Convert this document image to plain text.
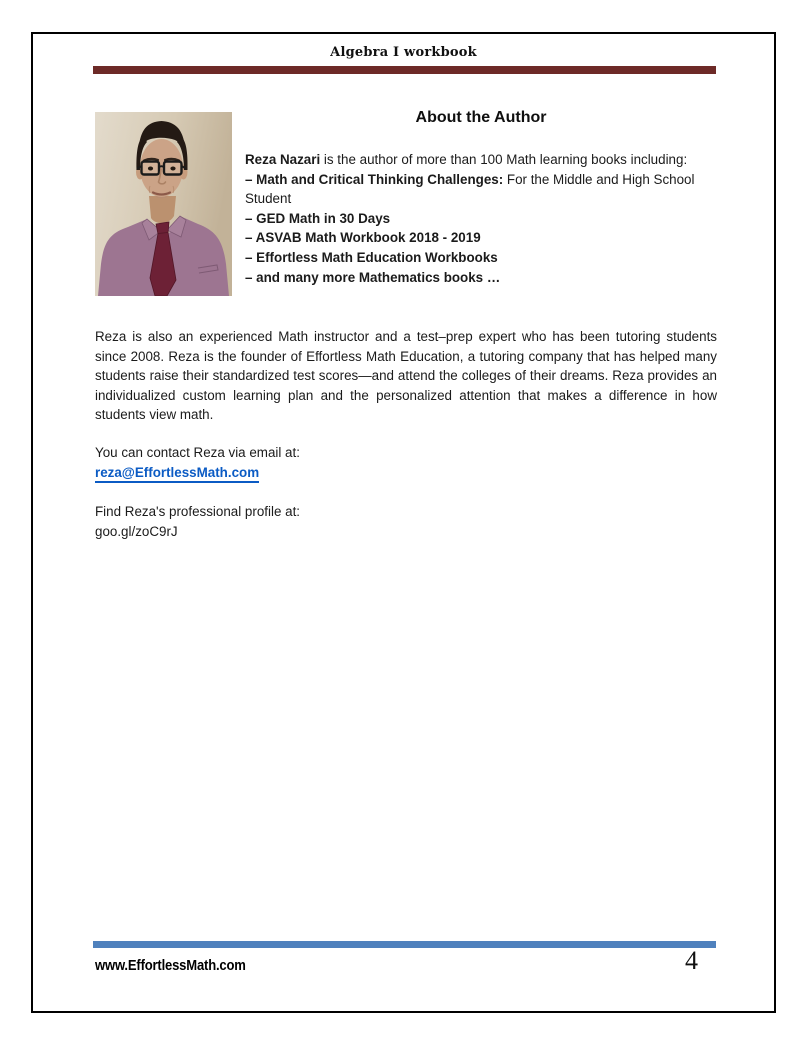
Algebra I workbook
About the Author

Reza Nazari is the author of more than 100 Math learning books including:

– Math and Critical Thinking Challenges: For the Middle and High School Student

– GED Math in 30 Days

– ASVAB Math Workbook 2018 - 2019

– Effortless Math Education Workbooks

– and many more Mathematics books …

Reza is also an experienced Math instructor and a test–prep expert who has been tutoring students since 2008. Reza is the founder of Effortless Math Education, a tutoring company that has helped many students raise their standardized test scores—and attend the colleges of their dreams. Reza provides an individualized custom learning plan and the personalized attention that makes a difference in how students view math.

You can contact Reza via email at:

reza@EffortlessMath.com

Find Reza's professional profile at:

goo.gl/zoC9rJ

www.EffortlessMath.com	4
